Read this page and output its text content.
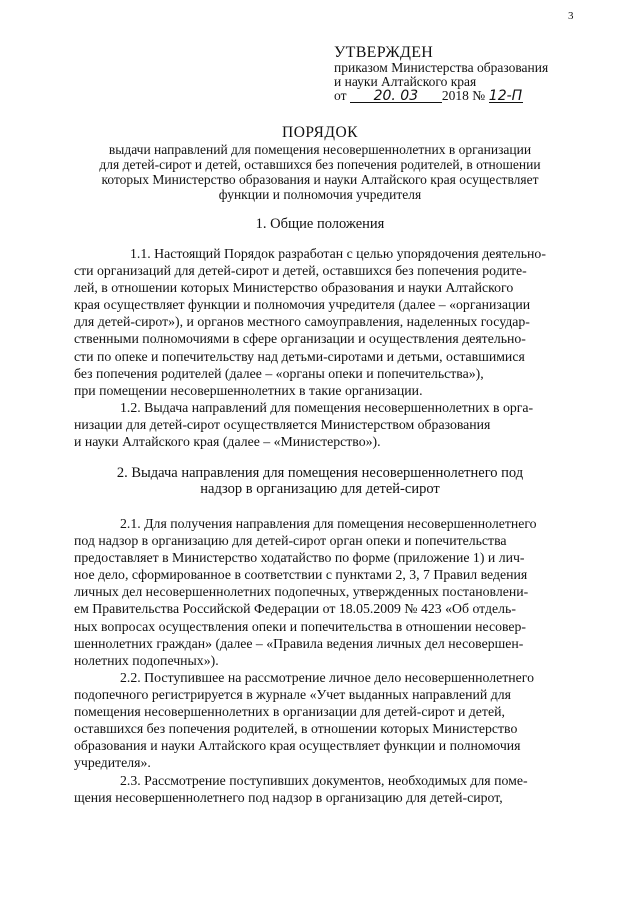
3
УТВЕРЖДЕН
приказом Министерства образования
и науки Алтайского края
от 20. 03 2018 № 12-П
ПОРЯДОК
выдачи направлений для помещения несовершеннолетних в организации
для детей-сирот и детей, оставшихся без попечения родителей, в отношении
которых Министерство образования и науки Алтайского края осуществляет
функции и полномочия учредителя
1. Общие положения
1.1. Настоящий Порядок разработан с целью упорядочения деятельно-
сти организаций для детей-сирот и детей, оставшихся без попечения родите-
лей, в отношении которых Министерство образования и науки Алтайского
края осуществляет функции и полномочия учредителя (далее – «организации
для детей-сирот»), и органов местного самоуправления, наделенных государ-
ственными полномочиями в сфере организации и осуществления деятельно-
сти по опеке и попечительству над детьми-сиротами и детьми, оставшимися
без попечения родителей (далее – «органы опеки и попечительства»),
при помещении несовершеннолетних в такие организации.
1.2. Выдача направлений для помещения несовершеннолетних в орга-
низации для детей-сирот осуществляется Министерством образования
и науки Алтайского края (далее – «Министерство»).
2. Выдача направления для помещения несовершеннолетнего под
надзор в организацию для детей-сирот
2.1. Для получения направления для помещения несовершеннолетнего
под надзор в организацию для детей-сирот орган опеки и попечительства
предоставляет в Министерство ходатайство по форме (приложение 1) и лич-
ное дело, сформированное в соответствии с пунктами 2, 3, 7 Правил ведения
личных дел несовершеннолетних подопечных, утвержденных постановлени-
ем Правительства Российской Федерации от 18.05.2009 № 423 «Об отдель-
ных вопросах осуществления опеки и попечительства в отношении несовер-
шеннолетних граждан» (далее – «Правила ведения личных дел несовершен-
нолетних подопечных»).
2.2. Поступившее на рассмотрение личное дело несовершеннолетнего
подопечного регистрируется в журнале «Учет выданных направлений для
помещения несовершеннолетних в организации для детей-сирот и детей,
оставшихся без попечения родителей, в отношении которых Министерство
образования и науки Алтайского края осуществляет функции и полномочия
учредителя».
2.3. Рассмотрение поступивших документов, необходимых для поме-
щения несовершеннолетнего под надзор в организацию для детей-сирот,
